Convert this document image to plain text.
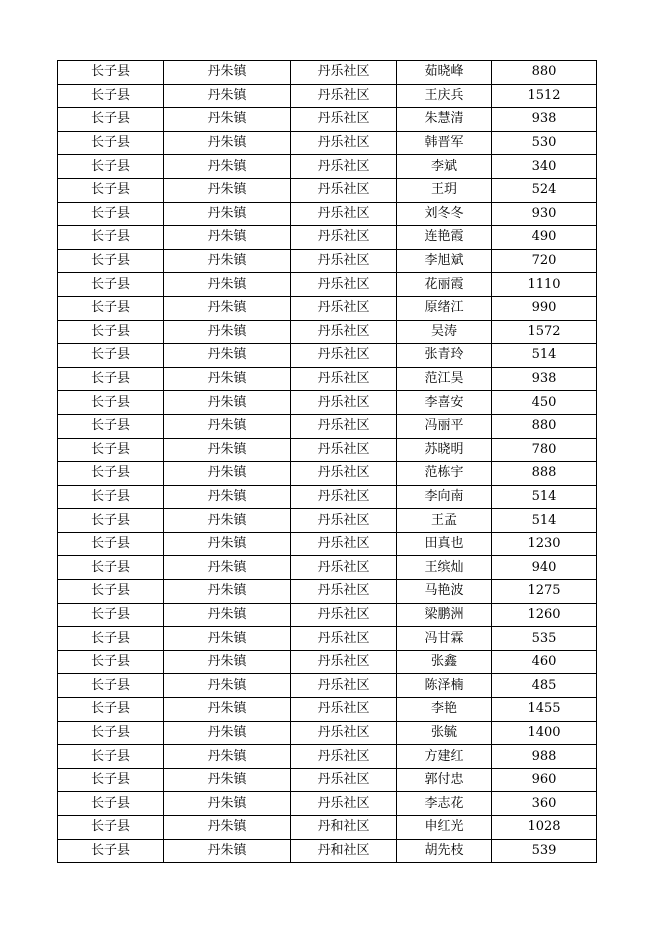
长子县	丹朱镇	丹乐社区	茹晓峰	880
长子县	丹朱镇	丹乐社区	王庆兵	1512
长子县	丹朱镇	丹乐社区	朱慧清	938
长子县	丹朱镇	丹乐社区	韩晋军	530
长子县	丹朱镇	丹乐社区	李斌	340
长子县	丹朱镇	丹乐社区	王玥	524
长子县	丹朱镇	丹乐社区	刘冬冬	930
长子县	丹朱镇	丹乐社区	连艳霞	490
长子县	丹朱镇	丹乐社区	李旭斌	720
长子县	丹朱镇	丹乐社区	花丽霞	1110
长子县	丹朱镇	丹乐社区	原绪江	990
长子县	丹朱镇	丹乐社区	吴涛	1572
长子县	丹朱镇	丹乐社区	张青玲	514
长子县	丹朱镇	丹乐社区	范江昊	938
长子县	丹朱镇	丹乐社区	李喜安	450
长子县	丹朱镇	丹乐社区	冯丽平	880
长子县	丹朱镇	丹乐社区	苏晓明	780
长子县	丹朱镇	丹乐社区	范栋宇	888
长子县	丹朱镇	丹乐社区	李向南	514
长子县	丹朱镇	丹乐社区	王孟	514
长子县	丹朱镇	丹乐社区	田真也	1230
长子县	丹朱镇	丹乐社区	王缤灿	940
长子县	丹朱镇	丹乐社区	马艳波	1275
长子县	丹朱镇	丹乐社区	梁鹏洲	1260
长子县	丹朱镇	丹乐社区	冯甘霖	535
长子县	丹朱镇	丹乐社区	张鑫	460
长子县	丹朱镇	丹乐社区	陈泽楠	485
长子县	丹朱镇	丹乐社区	李艳	1455
长子县	丹朱镇	丹乐社区	张毓	1400
长子县	丹朱镇	丹乐社区	方建红	988
长子县	丹朱镇	丹乐社区	郭付忠	960
长子县	丹朱镇	丹乐社区	李志花	360
长子县	丹朱镇	丹和社区	申红光	1028
长子县	丹朱镇	丹和社区	胡先枝	539
